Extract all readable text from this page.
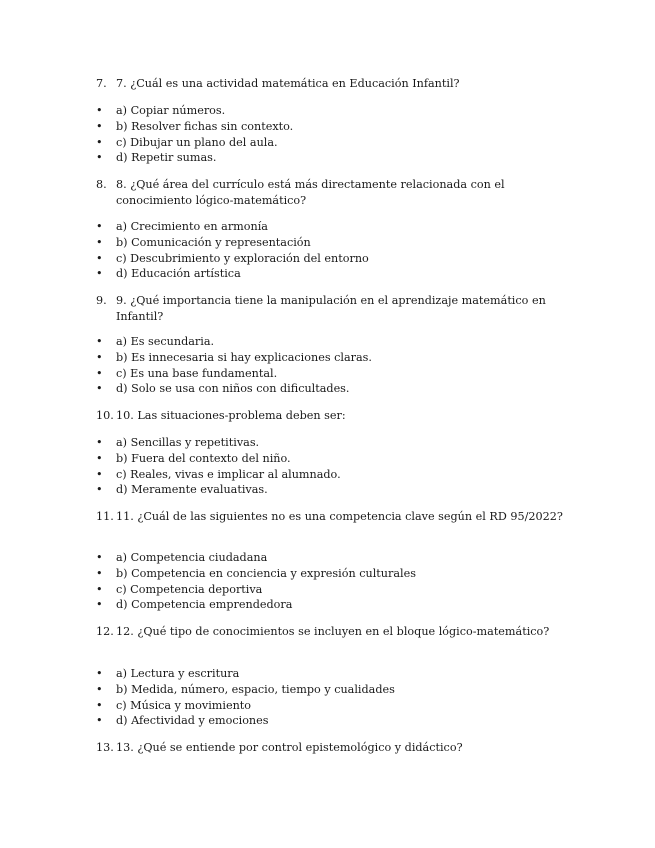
7. 7. ¿Cuál es una actividad matemática en Educación Infantil?
• a) Copiar números.
• b) Resolver fichas sin contexto.
• c) Dibujar un plano del aula.
• d) Repetir sumas.
8. 8. ¿Qué área del currículo está más directamente relacionada con el conocimiento lógico-matemático?
• a) Crecimiento en armonía
• b) Comunicación y representación
• c) Descubrimiento y exploración del entorno
• d) Educación artística
9. 9. ¿Qué importancia tiene la manipulación en el aprendizaje matemático en Infantil?
• a) Es secundaria.
• b) Es innecesaria si hay explicaciones claras.
• c) Es una base fundamental.
• d) Solo se usa con niños con dificultades.
10. 10. Las situaciones-problema deben ser:
• a) Sencillas y repetitivas.
• b) Fuera del contexto del niño.
• c) Reales, vivas e implicar al alumnado.
• d) Meramente evaluativas.
11. 11. ¿Cuál de las siguientes no es una competencia clave según el RD 95/2022?
• a) Competencia ciudadana
• b) Competencia en conciencia y expresión culturales
• c) Competencia deportiva
• d) Competencia emprendedora
12. 12. ¿Qué tipo de conocimientos se incluyen en el bloque lógico-matemático?
• a) Lectura y escritura
• b) Medida, número, espacio, tiempo y cualidades
• c) Música y movimiento
• d) Afectividad y emociones
13. 13. ¿Qué se entiende por control epistemológico y didáctico?
